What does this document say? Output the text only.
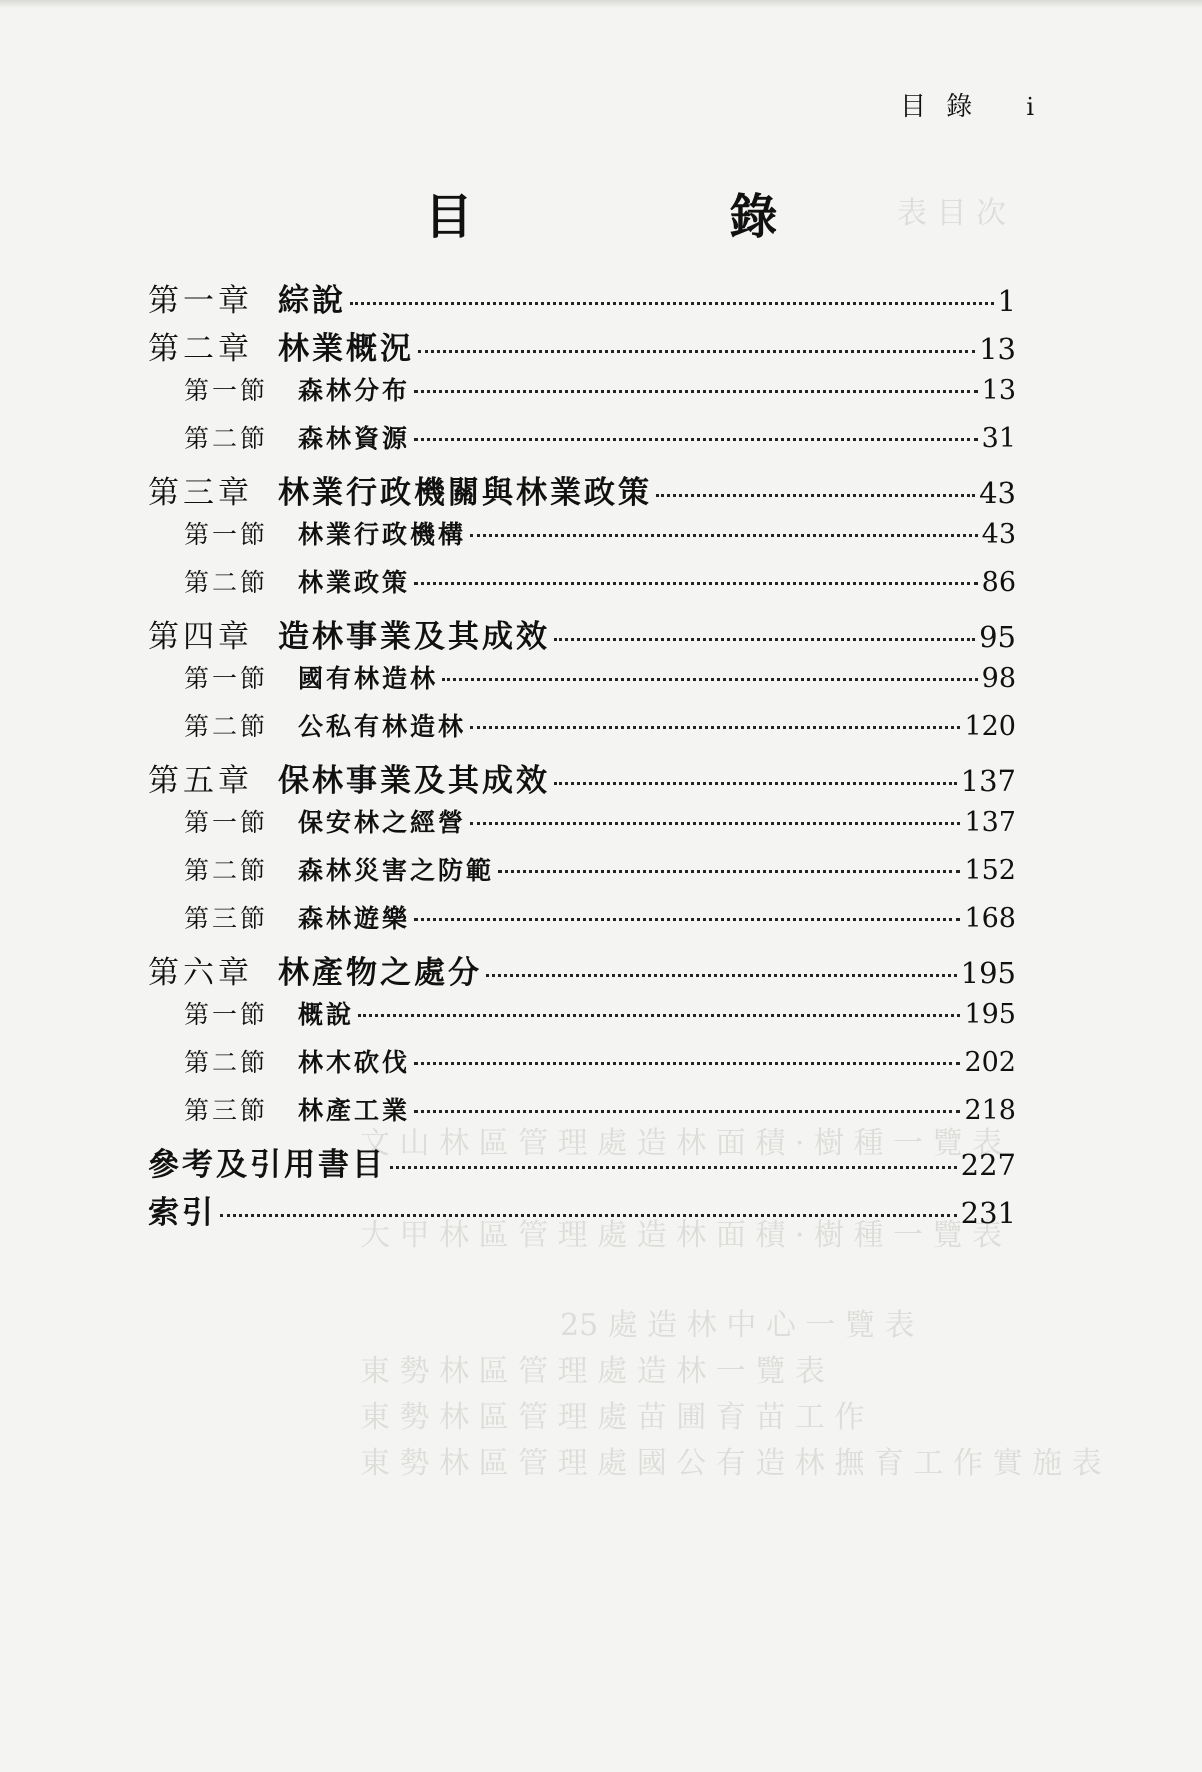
表 目 次
文 山 林 區 管 理 處 造 林 面 積 · 樹 種 一 覽 表
大 甲 林 區 管 理 處 造 林 面 積 · 樹 種 一 覽 表
25 處 造 林 中 心 一 覽 表
東 勢 林 區 管 理 處 造 林 一 覽 表
東 勢 林 區 管 理 處 苗 圃 育 苗 工 作
東 勢 林 區 管 理 處 國 公 有 造 林 撫 育 工 作 實 施 表
目 錄 i
目 錄
第一章 綜說	1
第二章 林業概況	13
第一節	森林分布	13
第二節	森林資源	31
第三章 林業行政機關與林業政策	43
第一節	林業行政機構	43
第二節	林業政策	86
第四章 造林事業及其成效	95
第一節	國有林造林	98
第二節	公私有林造林	120
第五章 保林事業及其成效	137
第一節	保安林之經營	137
第二節	森林災害之防範	152
第三節	森林遊樂	168
第六章 林產物之處分	195
第一節	概說	195
第二節	林木砍伐	202
第三節	林產工業	218
參考及引用書目	227
索引	231
